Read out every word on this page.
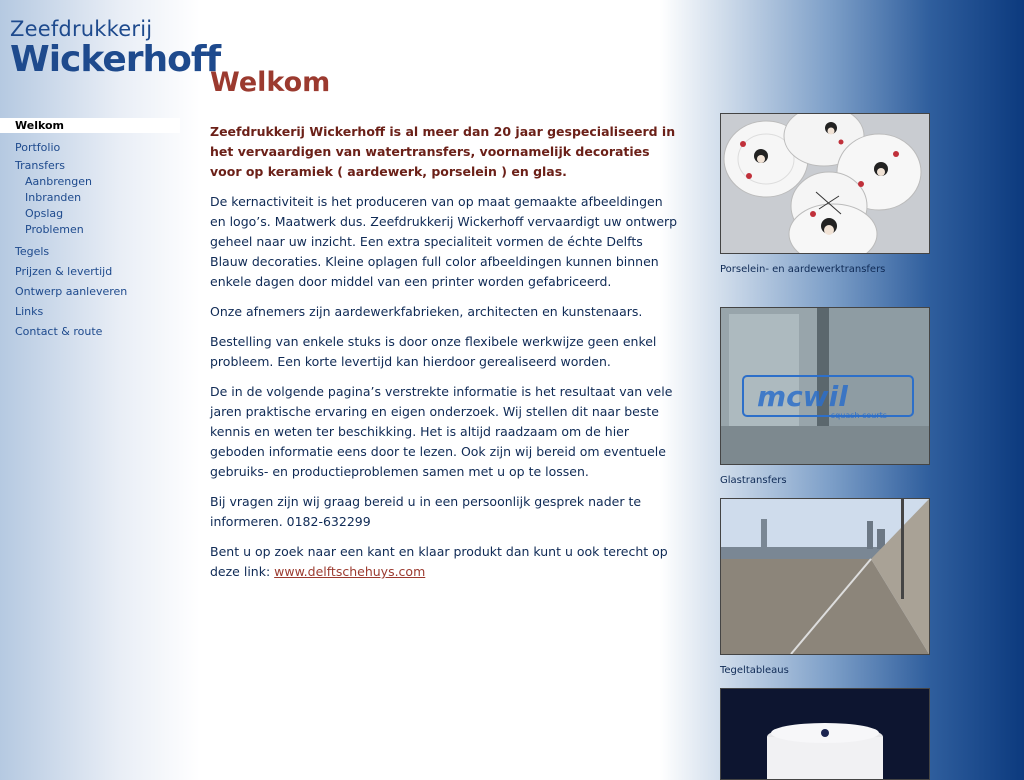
Zeefdrukkerij
Wickerhoff
Welkom
Portfolio
Transfers
Aanbrengen
Inbranden
Opslag
Problemen
Tegels
Prijzen & levertijd
Ontwerp aanleveren
Links
Contact & route
Welkom

Zeefdrukkerij Wickerhoff is al meer dan 20 jaar gespecialiseerd in het vervaardigen van watertransfers, voornamelijk decoraties voor op keramiek ( aardewerk, porselein ) en glas.

De kernactiviteit is het produceren van op maat gemaakte afbeeldingen en logo’s. Maatwerk dus. Zeefdrukkerij Wickerhoff vervaardigt uw ontwerp geheel naar uw inzicht. Een extra specialiteit vormen de échte Delfts Blauw decoraties. Kleine oplagen full color afbeeldingen kunnen binnen enkele dagen door middel van een printer worden gefabriceerd.

Onze afnemers zijn aardewerkfabrieken, architecten en kunstenaars.

Bestelling van enkele stuks is door onze flexibele werkwijze geen enkel probleem. Een korte levertijd kan hierdoor gerealiseerd worden.

De in de volgende pagina’s verstrekte informatie is het resultaat van vele jaren praktische ervaring en eigen onderzoek. Wij stellen dit naar beste kennis en weten ter beschikking. Het is altijd raadzaam om de hier geboden informatie eens door te lezen. Ook zijn wij bereid om eventuele gebruiks- en productieproblemen samen met u op te lossen.

Bij vragen zijn wij graag bereid u in een persoonlijk gesprek nader te informeren. 0182-632299

Bent u op zoek naar een kant en klaar produkt dan kunt u ook terecht op deze link: www.delftschehuys.com

Porselein- en aardewerktransfers
mcwil
squash courts
Glastransfers
Tegeltableaus
